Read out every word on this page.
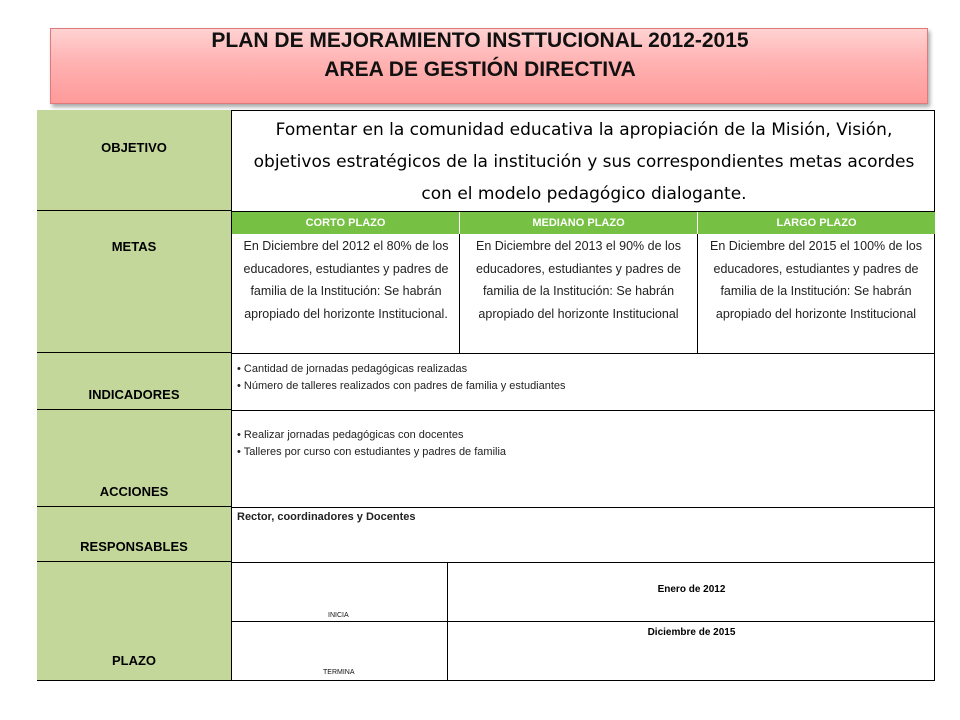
PLAN DE MEJORAMIENTO INSTTUCIONAL 2012-2015
AREA DE GESTIÓN DIRECTIVA
OBJETIVO
METAS
INDICADORES
ACCIONES
RESPONSABLES
PLAZO
Fomentar en la comunidad educativa la apropiación de la Misión, Visión, objetivos estratégicos de la institución y sus correspondientes metas acordes con el modelo pedagógico dialogante.
CORTO PLAZO	MEDIANO PLAZO	LARGO PLAZO
En Diciembre del 2012 el 80% de los educadores, estudiantes y padres de familia de la Institución: Se habrán apropiado del horizonte Institucional.
En Diciembre del 2013 el 90% de los educadores, estudiantes y padres de familia de la Institución: Se habrán apropiado del horizonte Institucional
En Diciembre del 2015 el 100% de los educadores, estudiantes y padres de familia de la Institución: Se habrán apropiado del horizonte Institucional
• Cantidad de jornadas pedagógicas realizadas
• Número de talleres realizados con padres de familia y estudiantes
• Realizar jornadas pedagógicas con docentes
• Talleres por curso con estudiantes y padres de familia
Rector, coordinadores y Docentes
INICIA
Enero de 2012
TERMINA
Diciembre de 2015
